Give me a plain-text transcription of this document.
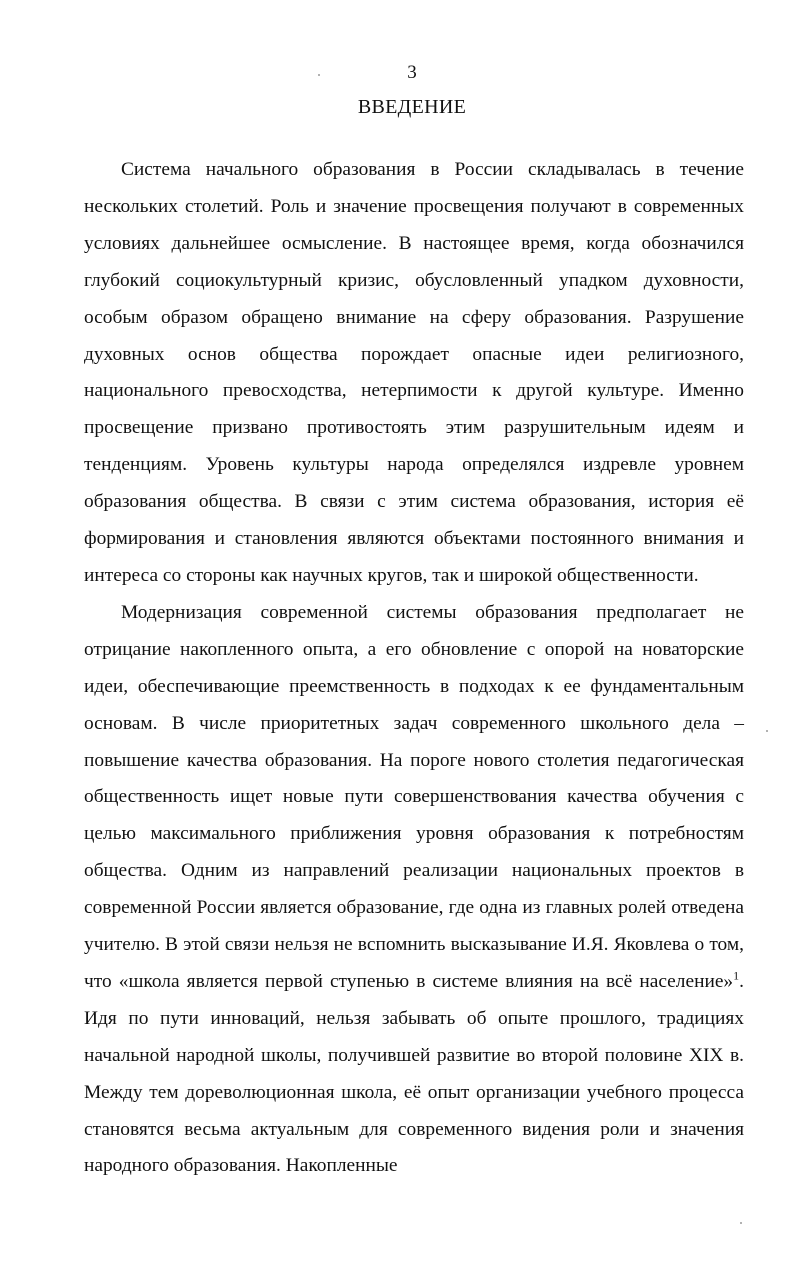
3
ВВЕДЕНИЕ

Система начального образования в России складывалась в течение нескольких столетий. Роль и значение просвещения получают в современных условиях дальнейшее осмысление. В настоящее время, когда обозначился глубокий социокультурный кризис, обусловленный упадком духовности, особым образом обращено внимание на сферу образования. Разрушение духовных основ общества порождает опасные идеи религиозного, национального превосходства, нетерпимости к другой культуре. Именно просвещение призвано противостоять этим разрушительным идеям и тенденциям. Уровень культуры народа определялся издревле уровнем образования общества. В связи с этим система образования, история её формирования и становления являются объектами постоянного внимания и интереса со стороны как научных кругов, так и широкой общественности.

Модернизация современной системы образования предполагает не отрицание накопленного опыта, а его обновление с опорой на новаторские идеи, обеспечивающие преемственность в подходах к ее фундаментальным основам. В числе приоритетных задач современного школьного дела – повышение качества образования. На пороге нового столетия педагогическая общественность ищет новые пути совершенствования качества обучения с целью максимального приближения уровня образования к потребностям общества. Одним из направлений реализации национальных проектов в современной России является образование, где одна из главных ролей отведена учителю. В этой связи нельзя не вспомнить высказывание И.Я. Яковлева о том, что «школа является первой ступенью в системе влияния на всё население»$^1$. Идя по пути инноваций, нельзя забывать об опыте прошлого, традициях начальной народной школы, получившей развитие во второй половине XIX в. Между тем дореволюционная школа, её опыт организации учебного процесса становятся весьма актуальным для современного видения роли и значения народного образования. Накопленные
